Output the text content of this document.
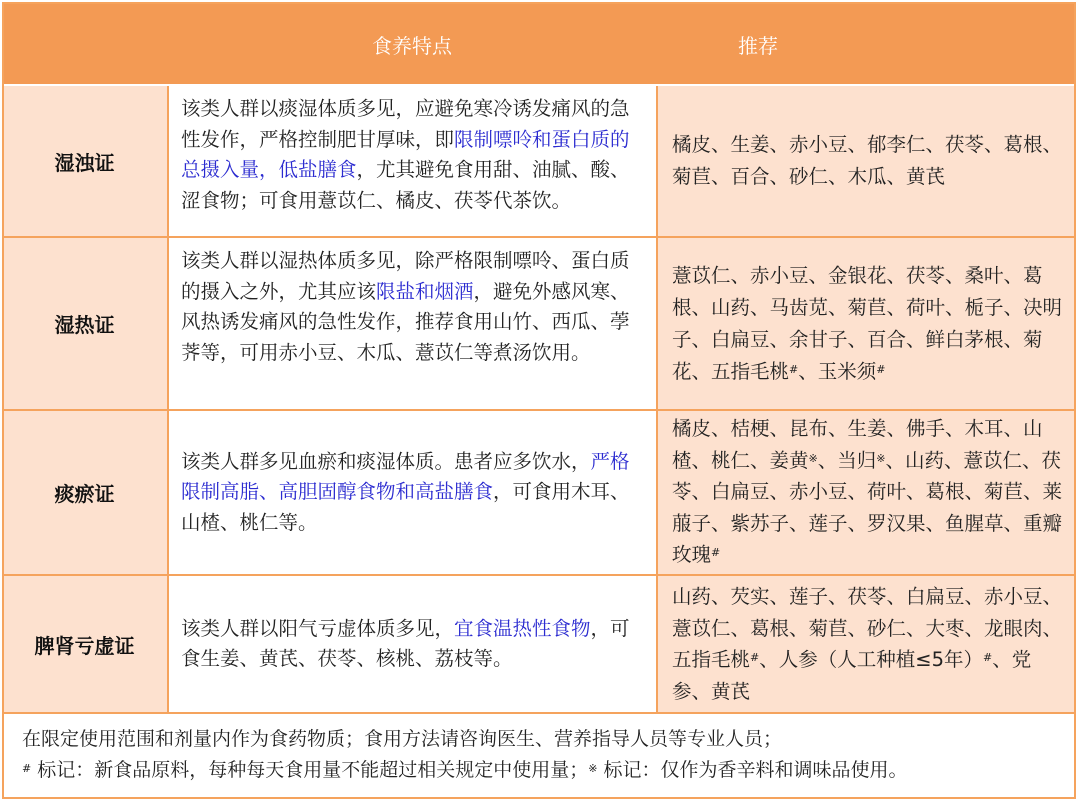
食养特点	推荐
湿浊证
该类人群以痰湿体质多见，应避免寒冷诱发痛风的急性发作，严格控制肥甘厚味，即限制嘌呤和蛋白质的总摄入量，低盐膳食，尤其避免食用甜、油腻、酸、涩食物；可食用薏苡仁、橘皮、茯苓代茶饮。
橘皮、生姜、赤小豆、郁李仁、茯苓、葛根、菊苣、百合、砂仁、木瓜、黄芪
湿热证
该类人群以湿热体质多见，除严格限制嘌呤、蛋白质的摄入之外，尤其应该限盐和烟酒，避免外感风寒、风热诱发痛风的急性发作，推荐食用山竹、西瓜、荸荠等，可用赤小豆、木瓜、薏苡仁等煮汤饮用。
薏苡仁、赤小豆、金银花、茯苓、桑叶、葛根、山药、马齿苋、菊苣、荷叶、栀子、决明子、白扁豆、余甘子、百合、鲜白茅根、菊花、五指毛桃#、玉米须#
痰瘀证
该类人群多见血瘀和痰湿体质。患者应多饮水，严格限制高脂、高胆固醇食物和高盐膳食，可食用木耳、山楂、桃仁等。
橘皮、桔梗、昆布、生姜、佛手、木耳、山楂、桃仁、姜黄※、当归※、山药、薏苡仁、茯苓、白扁豆、赤小豆、荷叶、葛根、菊苣、莱菔子、紫苏子、莲子、罗汉果、鱼腥草、重瓣玫瑰#
脾肾亏虚证
该类人群以阳气亏虚体质多见，宜食温热性食物，可食生姜、黄芪、茯苓、核桃、荔枝等。
山药、芡实、莲子、茯苓、白扁豆、赤小豆、薏苡仁、葛根、菊苣、砂仁、大枣、龙眼肉、五指毛桃#、人参（人工种植≤5年）#、党参、黄芪
在限定使用范围和剂量内作为食药物质；食用方法请咨询医生、营养指导人员等专业人员；
# 标记：新食品原料，每种每天食用量不能超过相关规定中使用量；※ 标记：仅作为香辛料和调味品使用。
